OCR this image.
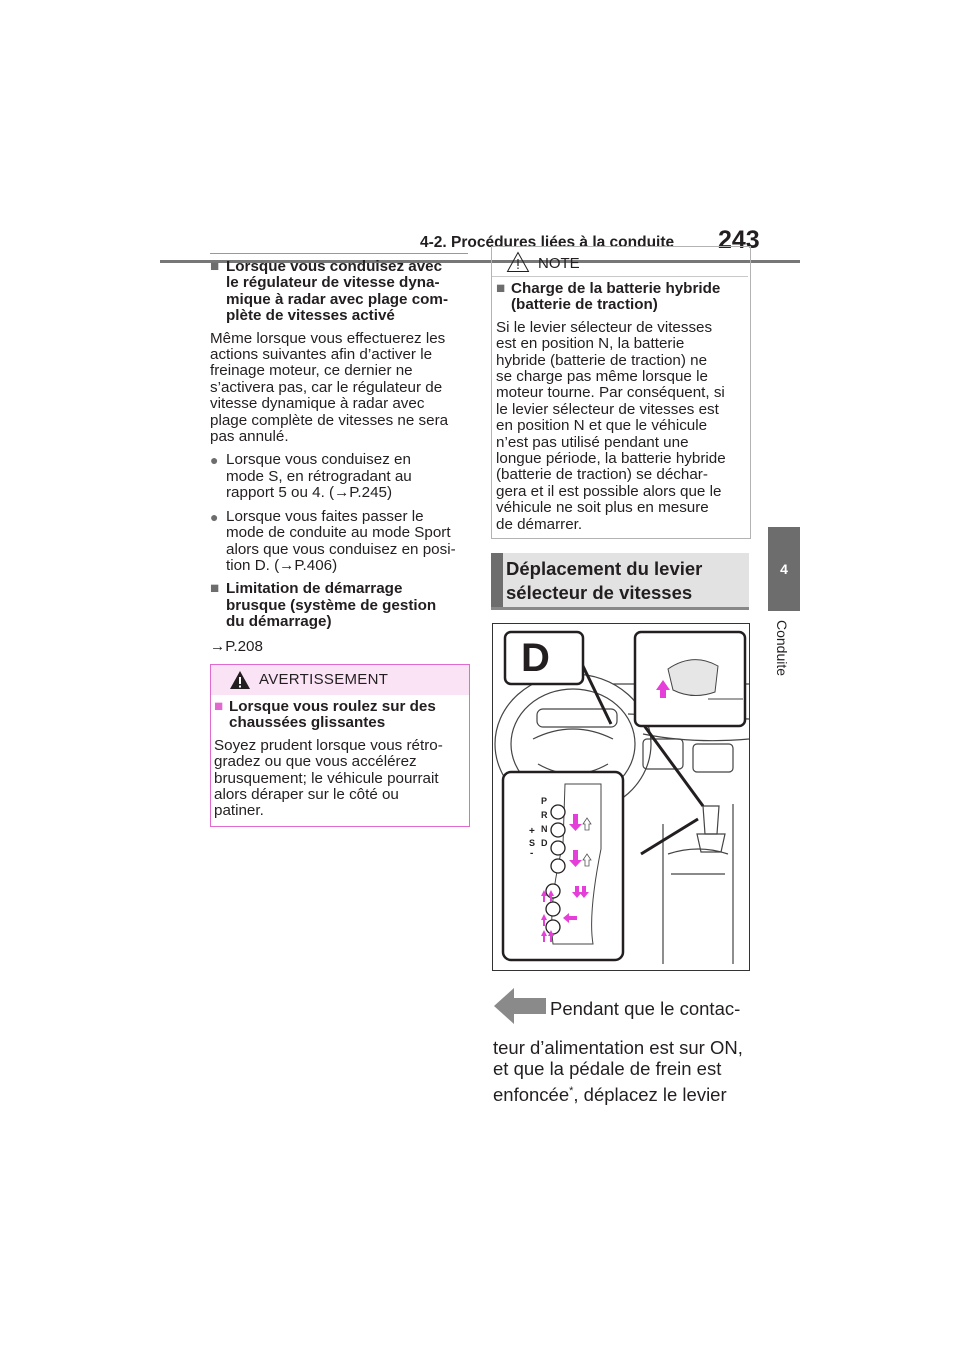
4-2. Procédures liées à la conduite 243
4
Conduite
■ Lorsque vous conduisez avec
le régulateur de vitesse dyna-
mique à radar avec plage com-
plète de vitesses activé
Même lorsque vous effectuerez les
actions suivantes afin d’activer le
freinage moteur, ce dernier ne
s’activera pas, car le régulateur de
vitesse dynamique à radar avec
plage complète de vitesses ne sera
pas annulé.
● Lorsque vous conduisez en
mode S, en rétrogradant au
rapport 5 ou 4. (→P.245)
● Lorsque vous faites passer le
mode de conduite au mode Sport
alors que vous conduisez en posi-
tion D. (→P.406)
■ Limitation de démarrage
brusque (système de gestion
du démarrage)
→P.208
AVERTISSEMENT
■ Lorsque vous roulez sur des
chaussées glissantes
Soyez prudent lorsque vous rétro-
gradez ou que vous accélérez
brusquement; le véhicule pourrait
alors déraper sur le côté ou
patiner.
NOTE
■ Charge de la batterie hybride
(batterie de traction)
Si le levier sélecteur de vitesses
est en position N, la batterie
hybride (batterie de traction) ne
se charge pas même lorsque le
moteur tourne. Par conséquent, si
le levier sélecteur de vitesses est
en position N et que le véhicule
n’est pas utilisé pendant une
longue période, la batterie hybride
(batterie de traction) se déchar-
gera et il est possible alors que le
véhicule ne soit plus en mesure
de démarrer.
Déplacement du levier
sélecteur de vitesses
D
P
R
N
D
+
S
-
Pendant que le contac-
teur d’alimentation est sur ON,
et que la pédale de frein est
enfoncée*, déplacez le levier
